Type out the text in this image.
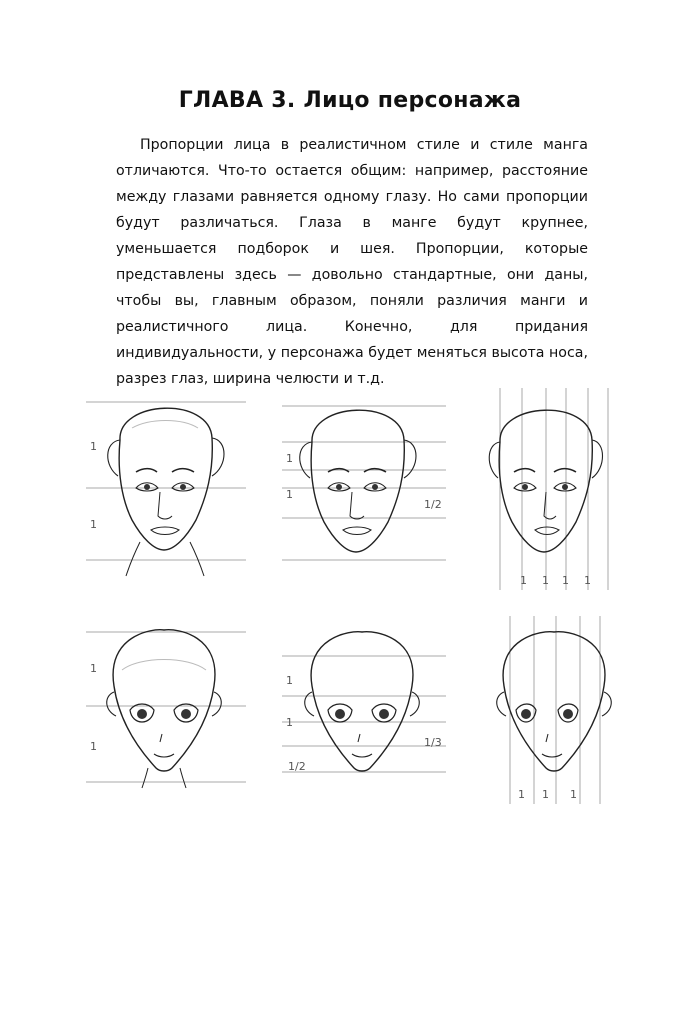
ГЛАВА 3. Лицо персонажа

Пропорции лица в реалистичном стиле и стиле манга отличаются. Что-то остается общим: например, расстояние между глазами равняется одному глазу. Но сами пропорции будут различаться. Глаза в манге будут крупнее, уменьшается подборок и шея. Пропорции, которые представлены здесь — довольно стандартные, они даны, чтобы вы, главным образом, поняли различия манги и реалистичного лица. Конечно, для придания индивидуальности, у персонажа будет меняться высота носа, разрез глаз, ширина челюсти и т.д.

1
1
1
1
1/2
1 1 1 1
1
1
1
1
1/3
1/2
1 1 1
